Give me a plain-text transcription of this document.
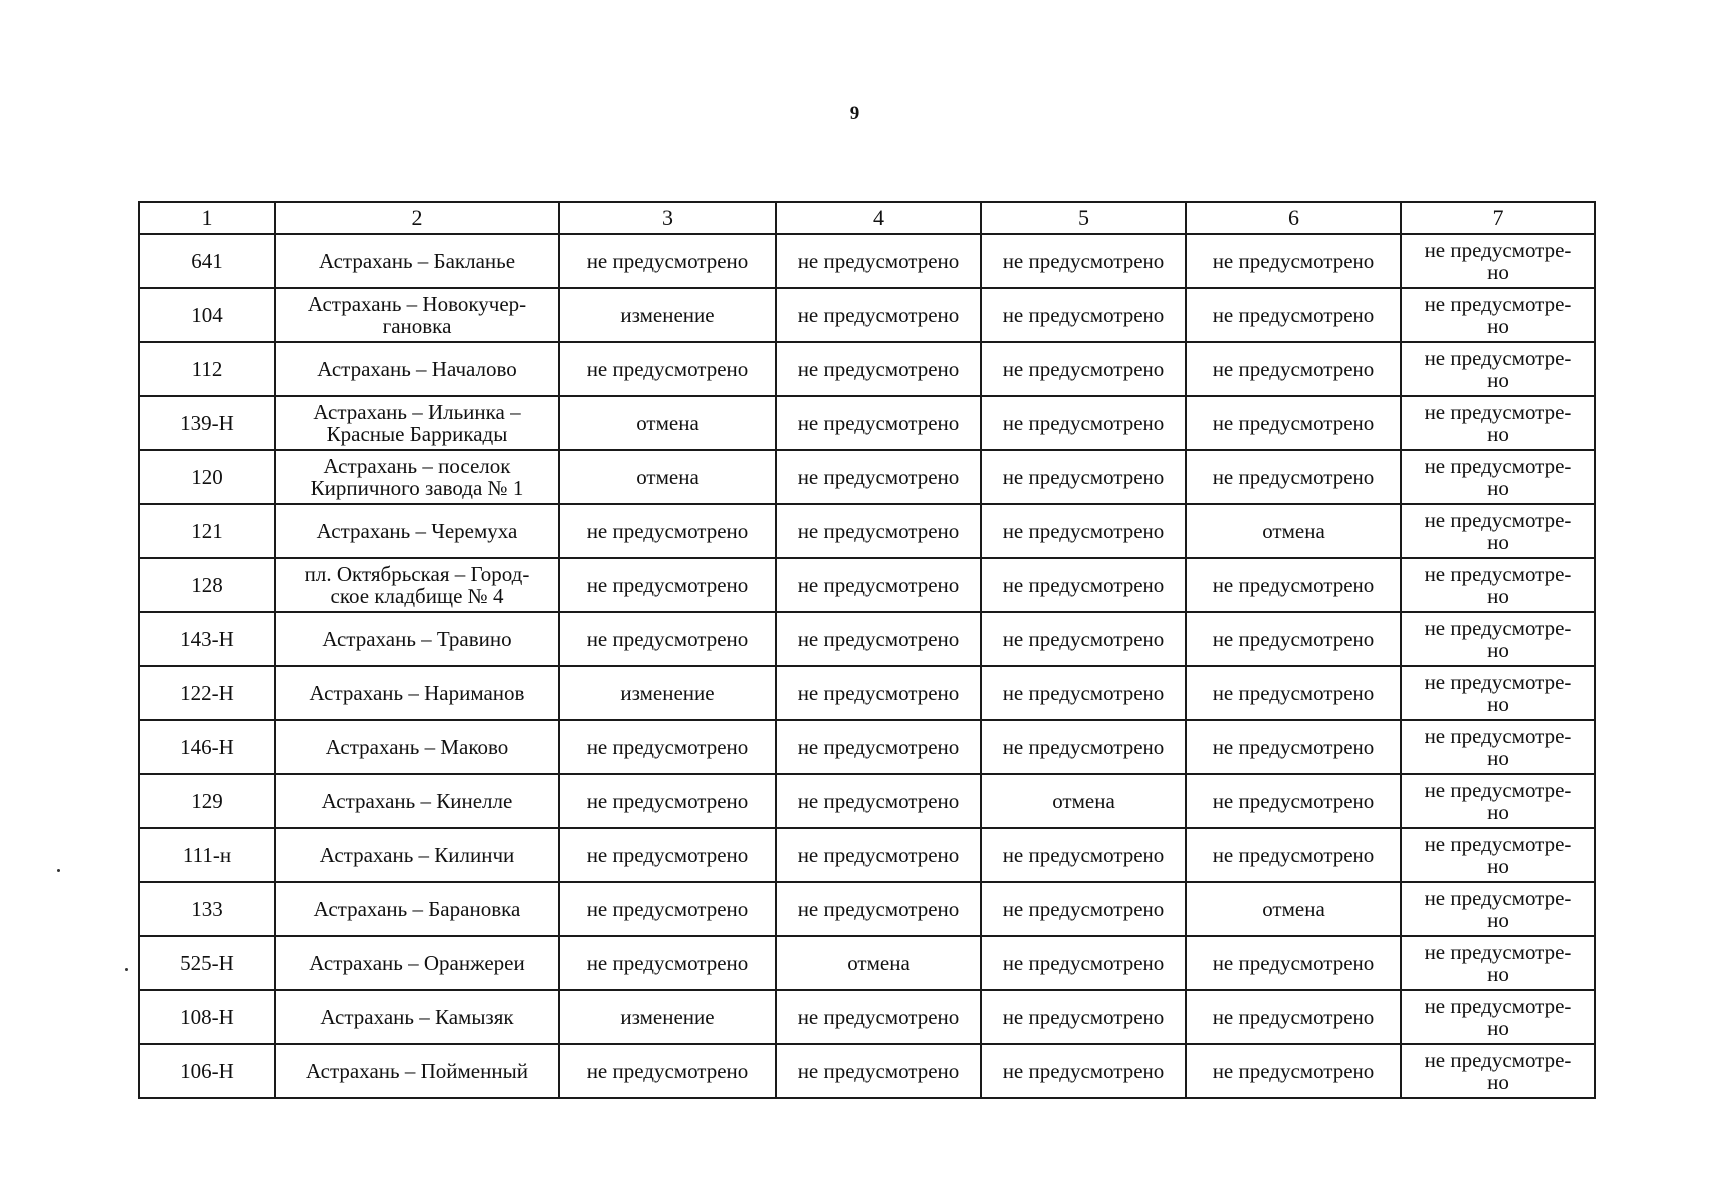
9
1	2	3	4	5	6	7
641	Астрахань – Бакланье	не предусмотрено	не предусмотрено	не предусмотрено	не предусмотрено	не предусмотре-
но
104	Астрахань – Новокучер-
гановка	изменение	не предусмотрено	не предусмотрено	не предусмотрено	не предусмотре-
но
112	Астрахань – Началово	не предусмотрено	не предусмотрено	не предусмотрено	не предусмотрено	не предусмотре-
но
139-Н	Астрахань – Ильинка –
Красные Баррикады	отмена	не предусмотрено	не предусмотрено	не предусмотрено	не предусмотре-
но
120	Астрахань – поселок
Кирпичного завода № 1	отмена	не предусмотрено	не предусмотрено	не предусмотрено	не предусмотре-
но
121	Астрахань – Черемуха	не предусмотрено	не предусмотрено	не предусмотрено	отмена	не предусмотре-
но
128	пл. Октябрьская – Город-
ское кладбище № 4	не предусмотрено	не предусмотрено	не предусмотрено	не предусмотрено	не предусмотре-
но
143-Н	Астрахань – Травино	не предусмотрено	не предусмотрено	не предусмотрено	не предусмотрено	не предусмотре-
но
122-Н	Астрахань – Нариманов	изменение	не предусмотрено	не предусмотрено	не предусмотрено	не предусмотре-
но
146-Н	Астрахань – Маково	не предусмотрено	не предусмотрено	не предусмотрено	не предусмотрено	не предусмотре-
но
129	Астрахань – Кинелле	не предусмотрено	не предусмотрено	отмена	не предусмотрено	не предусмотре-
но
111-н	Астрахань – Килинчи	не предусмотрено	не предусмотрено	не предусмотрено	не предусмотрено	не предусмотре-
но
133	Астрахань – Барановка	не предусмотрено	не предусмотрено	не предусмотрено	отмена	не предусмотре-
но
525-Н	Астрахань – Оранжереи	не предусмотрено	отмена	не предусмотрено	не предусмотрено	не предусмотре-
но
108-Н	Астрахань – Камызяк	изменение	не предусмотрено	не предусмотрено	не предусмотрено	не предусмотре-
но
106-Н	Астрахань – Пойменный	не предусмотрено	не предусмотрено	не предусмотрено	не предусмотрено	не предусмотре-
но
